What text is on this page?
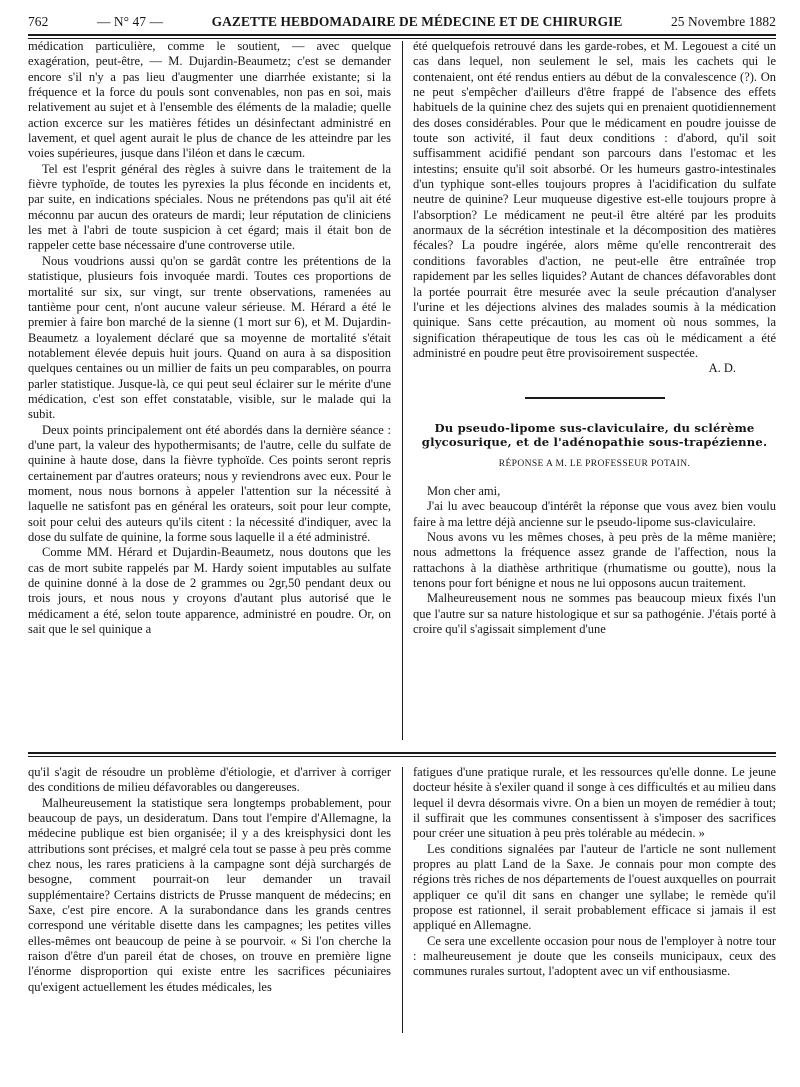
762	— N° 47 —	GAZETTE HEBDOMADAIRE DE MÉDECINE ET DE CHIRURGIE	25 Novembre 1882

médication particulière, comme le soutient, — avec quelque exagération, peut-être, — M. Dujardin-Beaumetz; c'est se demander encore s'il n'y a pas lieu d'augmenter une diarrhée existante; si la fréquence et la force du pouls sont convenables, non pas en soi, mais relativement au sujet et à l'ensemble des éléments de la maladie; quelle action excerce sur les matières fétides un désinfectant administré en lavement, et quel agent aurait le plus de chance de les atteindre par les voies supérieures, jusque dans l'iléon et dans le cæcum.

Tel est l'esprit général des règles à suivre dans le traitement de la fièvre typhoïde, de toutes les pyrexies la plus féconde en incidents et, par suite, en indications spéciales. Nous ne prétendons pas qu'il ait été méconnu par aucun des orateurs de mardi; leur réputation de cliniciens les met à l'abri de toute suspicion à cet égard; mais il était bon de rappeler cette base nécessaire d'une controverse utile.

Nous voudrions aussi qu'on se gardât contre les prétentions de la statistique, plusieurs fois invoquée mardi. Toutes ces proportions de mortalité sur six, sur vingt, sur trente observations, ramenées au tantième pour cent, n'ont aucune valeur sérieuse. M. Hérard a été le premier à faire bon marché de la sienne (1 mort sur 6), et M. Dujardin-Beaumetz a loyalement déclaré que sa moyenne de mortalité s'était notablement élevée depuis huit jours. Quand on aura à sa disposition quelques centaines ou un millier de faits un peu comparables, on pourra parler statistique. Jusque-là, ce qui peut seul éclairer sur le mérite d'une médication, c'est son effet constatable, visible, sur le malade qui la subit.

Deux points principalement ont été abordés dans la dernière séance : d'une part, la valeur des hypothermisants; de l'autre, celle du sulfate de quinine à haute dose, dans la fièvre typhoïde. Ces points seront repris certainement par d'autres orateurs; nous y reviendrons avec eux. Pour le moment, nous nous bornons à appeler l'attention sur la nécessité à laquelle ne satisfont pas en général les orateurs, soit pour leur compte, soit pour celui des auteurs qu'ils citent : la nécessité d'indiquer, avec la dose du sulfate de quinine, la forme sous laquelle il a été administré.

Comme MM. Hérard et Dujardin-Beaumetz, nous doutons que les cas de mort subite rappelés par M. Hardy soient imputables au sulfate de quinine donné à la dose de 2 grammes ou 2gr,50 pendant deux ou trois jours, et nous nous y croyons d'autant plus autorisé que le médicament a été, selon toute apparence, administré en poudre. Or, on sait que le sel quinique a

été quelquefois retrouvé dans les garde-robes, et M. Legouest a cité un cas dans lequel, non seulement le sel, mais les cachets qui le contenaient, ont été rendus entiers au début de la convalescence (?). On ne peut s'empêcher d'ailleurs d'être frappé de l'absence des effets habituels de la quinine chez des sujets qui en prenaient quotidiennement des doses considérables. Pour que le médicament en poudre jouisse de toute son activité, il faut deux conditions : d'abord, qu'il soit suffisamment acidifié pendant son parcours dans l'estomac et les intestins; ensuite qu'il soit absorbé. Or les humeurs gastro-intestinales d'un typhique sont-elles toujours propres à l'acidification du sulfate neutre de quinine? Leur muqueuse digestive est-elle toujours propre à l'absorption? Le médicament ne peut-il être altéré par les produits anormaux de la sécrétion intestinale et la décomposition des matières fécales? La poudre ingérée, alors même qu'elle rencontrerait des conditions favorables d'action, ne peut-elle être entraînée trop rapidement par les selles liquides? Autant de chances défavorables dont la portée pourrait être mesurée avec la seule précaution d'analyser l'urine et les déjections alvines des malades soumis à la médication quinique. Sans cette précaution, au moment où nous sommes, la signification thérapeutique de tous les cas où le médicament a été administré en poudre peut être provisoirement suspectée.

A. D.

Du pseudo-lipome sus-claviculaire, du sclérème glycosurique, et de l'adénopathie sous-trapézienne.
RÉPONSE A M. LE PROFESSEUR POTAIN.

Mon cher ami,

J'ai lu avec beaucoup d'intérêt la réponse que vous avez bien voulu faire à ma lettre déjà ancienne sur le pseudo-lipome sus-claviculaire.

Nous avons vu les mêmes choses, à peu près de la même manière; nous admettons la fréquence assez grande de l'affection, nous la rattachons à la diathèse arthritique (rhumatisme ou goutte), nous la tenons pour fort bénigne et nous ne lui opposons aucun traitement.

Malheureusement nous ne sommes pas beaucoup mieux fixés l'un que l'autre sur sa nature histologique et sur sa pathogénie. J'étais porté à croire qu'il s'agissait simplement d'une

qu'il s'agit de résoudre un problème d'étiologie, et d'arriver à corriger des conditions de milieu défavorables ou dangereuses.

Malheureusement la statistique sera longtemps probablement, pour beaucoup de pays, un desideratum. Dans tout l'empire d'Allemagne, la médecine publique est bien organisée; il y a des kreisphysici dont les attributions sont précises, et malgré cela tout se passe à peu près comme chez nous, les rares praticiens à la campagne sont déjà surchargés de besogne, comment pourrait-on leur demander un travail supplémentaire? Certains districts de Prusse manquent de médecins; en Saxe, c'est pire encore. A la surabondance dans les grands centres correspond une véritable disette dans les campagnes; les petites villes elles-mêmes ont beaucoup de peine à se pourvoir. « Si l'on cherche la raison d'être d'un pareil état de choses, on trouve en première ligne l'énorme disproportion qui existe entre les sacrifices pécuniaires qu'exigent actuellement les études médicales, les

fatigues d'une pratique rurale, et les ressources qu'elle donne. Le jeune docteur hésite à s'exiler quand il songe à ces difficultés et au milieu dans lequel il devra désormais vivre. On a bien un moyen de remédier à tout; il suffirait que les communes consentissent à s'imposer des sacrifices pour créer une situation à peu près tolérable au médecin. »

Les conditions signalées par l'auteur de l'article ne sont nullement propres au platt Land de la Saxe. Je connais pour mon compte des régions très riches de nos départements de l'ouest auxquelles on pourrait appliquer ce qu'il dit sans en changer une syllabe; le remède qu'il propose est rationnel, il serait probablement efficace si jamais il est appliqué en Allemagne.

Ce sera une excellente occasion pour nous de l'employer à notre tour : malheureusement je doute que les conseils municipaux, ceux des communes rurales surtout, l'adoptent avec un vif enthousiasme.
